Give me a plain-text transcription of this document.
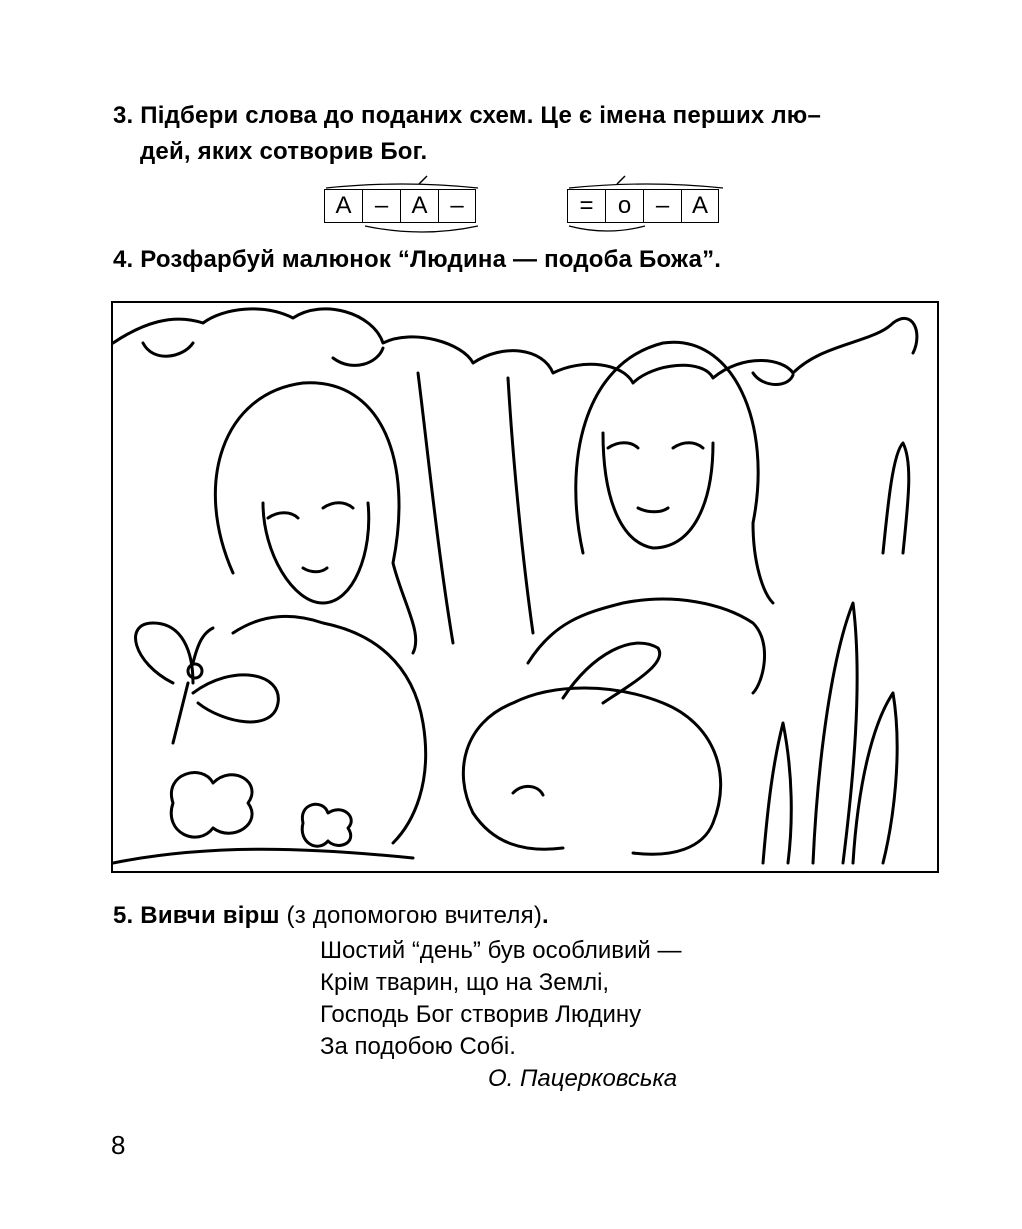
3. Підбери слова до поданих схем. Це є імена перших лю–
дей, яких сотворив Бог.
А – А –	=	о	– А
4. Розфарбуй малюнок “Людина — подоба Божа”.
5. Вивчи вірш (з допомогою вчителя).
Шостий “день” був особливий —
Крім тварин, що на Землі,
Господь Бог створив Людину
За подобою Собі.
О. Пацерковська
8
